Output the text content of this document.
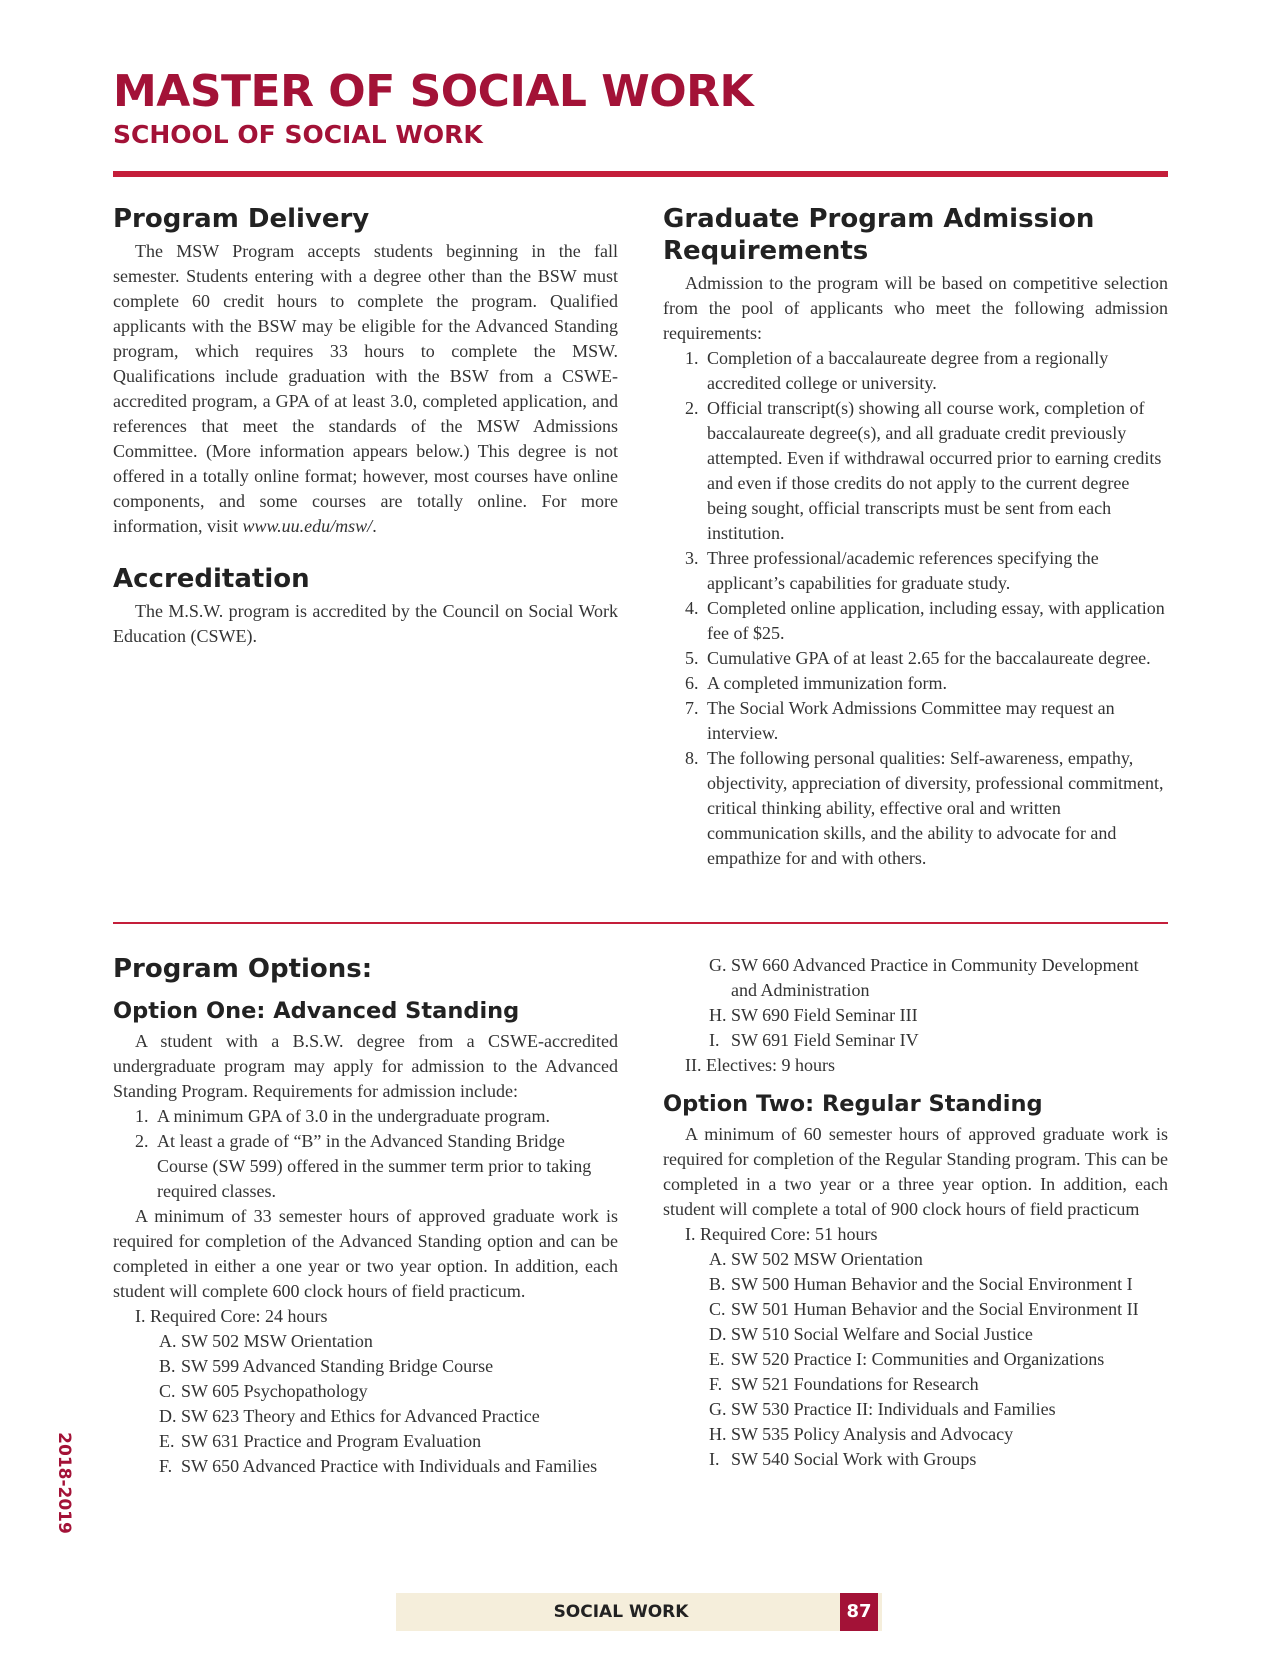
MASTER OF SOCIAL WORK
SCHOOL OF SOCIAL WORK
Program Delivery

The MSW Program accepts students beginning in the fall semester. Students entering with a degree other than the BSW must complete 60 credit hours to complete the program. Qualified applicants with the BSW may be eligible for the Advanced Standing program, which requires 33 hours to complete the MSW. Qualifications include graduation with the BSW from a CSWE-accredited program, a GPA of at least 3.0, completed application, and references that meet the standards of the MSW Admissions Committee. (More information appears below.) This degree is not offered in a totally online format; however, most courses have online components, and some courses are totally online. For more information, visit www.uu.edu/msw/.

Accreditation

The M.S.W. program is accredited by the Council on Social Work Education (CSWE).

Graduate Program Admission Requirements

Admission to the program will be based on competitive selection from the pool of applicants who meet the following admission requirements:

1. Completion of a baccalaureate degree from a regionally accredited college or university.
2. Official transcript(s) showing all course work, completion of baccalaureate degree(s), and all graduate credit previously attempted. Even if withdrawal occurred prior to earning credits and even if those credits do not apply to the current degree being sought, official transcripts must be sent from each institution.
3. Three professional/academic references specifying the applicant’s capabilities for graduate study.
4. Completed online application, including essay, with application fee of $25.
5. Cumulative GPA of at least 2.65 for the baccalaureate degree.
6. A completed immunization form.
7. The Social Work Admissions Committee may request an interview.
8. The following personal qualities: Self-awareness, empathy, objectivity, appreciation of diversity, professional commitment, critical thinking ability, effective oral and written communication skills, and the ability to advocate for and empathize for and with others.
Program Options:
Option One: Advanced Standing

A student with a B.S.W. degree from a CSWE-accredited undergraduate program may apply for admission to the Advanced Standing Program. Requirements for admission include:

1. A minimum GPA of 3.0 in the undergraduate program.
2. At least a grade of “B” in the Advanced Standing Bridge Course (SW 599) offered in the summer term prior to taking required classes.

A minimum of 33 semester hours of approved graduate work is required for completion of the Advanced Standing option and can be completed in either a one year or two year option. In addition, each student will complete 600 clock hours of field practicum.

I. Required Core: 24 hours
A. SW 502 MSW Orientation
B. SW 599 Advanced Standing Bridge Course
C. SW 605 Psychopathology
D. SW 623 Theory and Ethics for Advanced Practice
E. SW 631 Practice and Program Evaluation
F. SW 650 Advanced Practice with Individuals and Families
G. SW 660 Advanced Practice in Community Development and Administration
H. SW 690 Field Seminar III
I. SW 691 Field Seminar IV
II. Electives: 9 hours
Option Two: Regular Standing

A minimum of 60 semester hours of approved graduate work is required for completion of the Regular Standing program. This can be completed in a two year or a three year option. In addition, each student will complete a total of 900 clock hours of field practicum

I. Required Core: 51 hours
A. SW 502 MSW Orientation
B. SW 500 Human Behavior and the Social Environment I
C. SW 501 Human Behavior and the Social Environment II
D. SW 510 Social Welfare and Social Justice
E. SW 520 Practice I: Communities and Organizations
F. SW 521 Foundations for Research
G. SW 530 Practice II: Individuals and Families
H. SW 535 Policy Analysis and Advocacy
I. SW 540 Social Work with Groups
2018-2019
SOCIAL WORK	87
